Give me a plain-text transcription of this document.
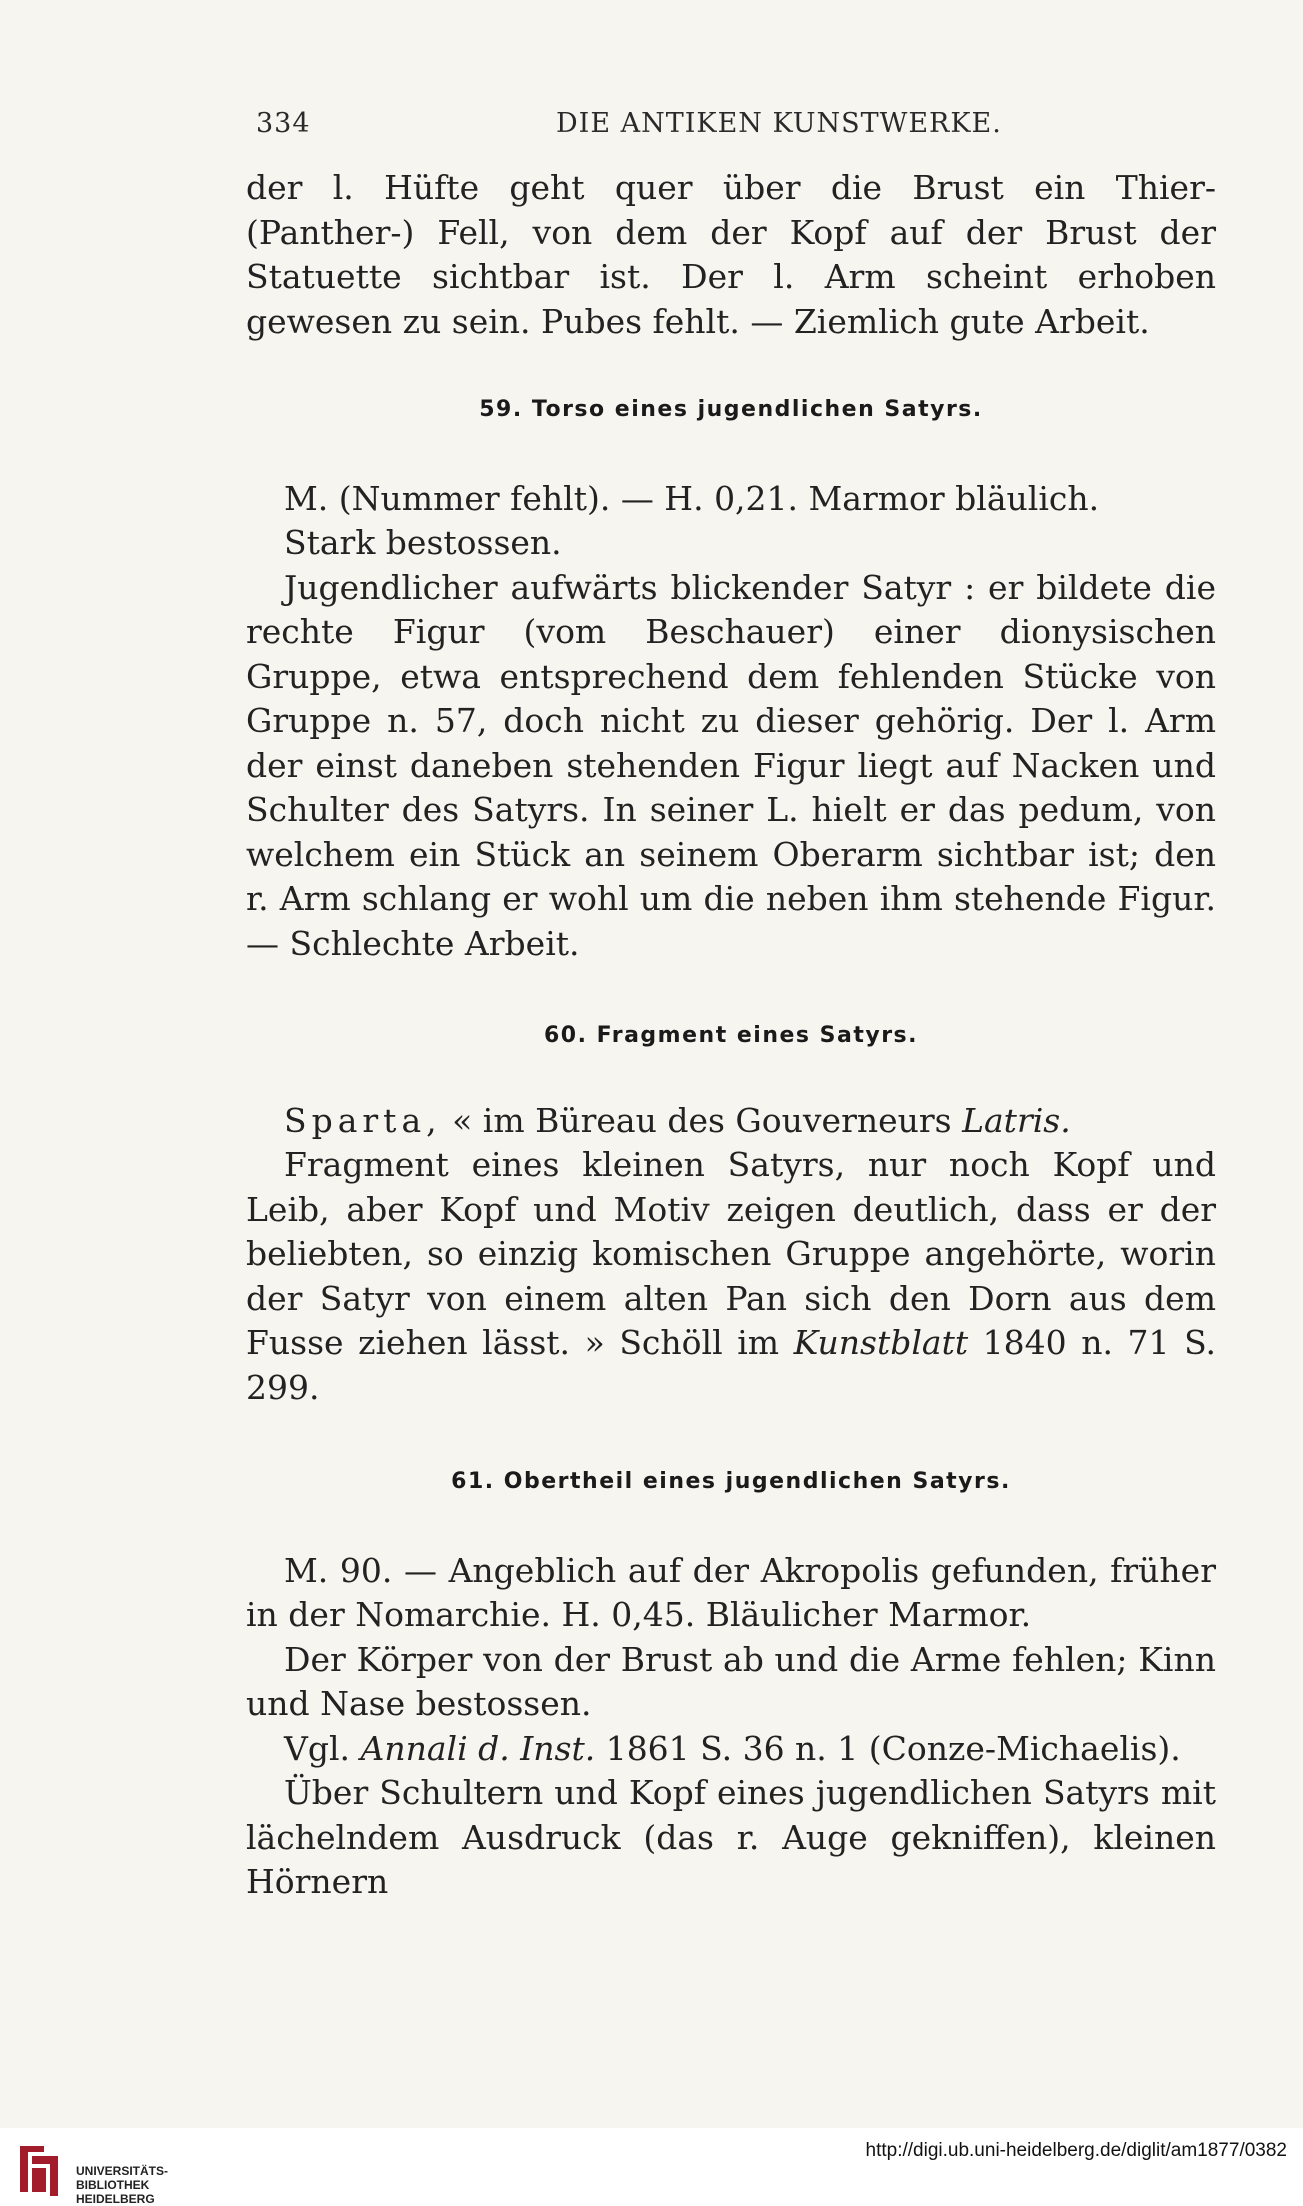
334	DIE ANTIKEN KUNSTWERKE.

der l. Hüfte geht quer über die Brust ein Thier- (Panther-) Fell, von dem der Kopf auf der Brust der Statuette sichtbar ist. Der l. Arm scheint erhoben gewesen zu sein. Pubes fehlt. — Ziemlich gute Arbeit.

59. Torso eines jugendlichen Satyrs.

M. (Nummer fehlt). — H. 0,21. Marmor bläulich.

Stark bestossen.

Jugendlicher aufwärts blickender Satyr : er bildete die rechte Figur (vom Beschauer) einer dionysischen Gruppe, etwa entsprechend dem fehlenden Stücke von Gruppe n. 57, doch nicht zu dieser gehörig. Der l. Arm der einst daneben stehenden Figur liegt auf Nacken und Schulter des Satyrs. In seiner L. hielt er das pedum, von welchem ein Stück an seinem Oberarm sichtbar ist; den r. Arm schlang er wohl um die neben ihm stehende Figur. — Schlechte Arbeit.

60. Fragment eines Satyrs.

Sparta, « im Büreau des Gouverneurs Latris.

Fragment eines kleinen Satyrs, nur noch Kopf und Leib, aber Kopf und Motiv zeigen deutlich, dass er der beliebten, so einzig komischen Gruppe angehörte, worin der Satyr von einem alten Pan sich den Dorn aus dem Fusse ziehen lässt. » Schöll im Kunstblatt 1840 n. 71 S. 299.

61. Obertheil eines jugendlichen Satyrs.

M. 90. — Angeblich auf der Akropolis gefunden, früher in der Nomarchie. H. 0,45. Bläulicher Marmor.

Der Körper von der Brust ab und die Arme fehlen; Kinn und Nase bestossen.

Vgl. Annali d. Inst. 1861 S. 36 n. 1 (Conze-Michaelis).

Über Schultern und Kopf eines jugendlichen Satyrs mit lächelndem Ausdruck (das r. Auge gekniffen), kleinen Hörnern

UNIVERSITÄTS-
BIBLIOTHEK
HEIDELBERG
http://digi.ub.uni-heidelberg.de/diglit/am1877/0382
